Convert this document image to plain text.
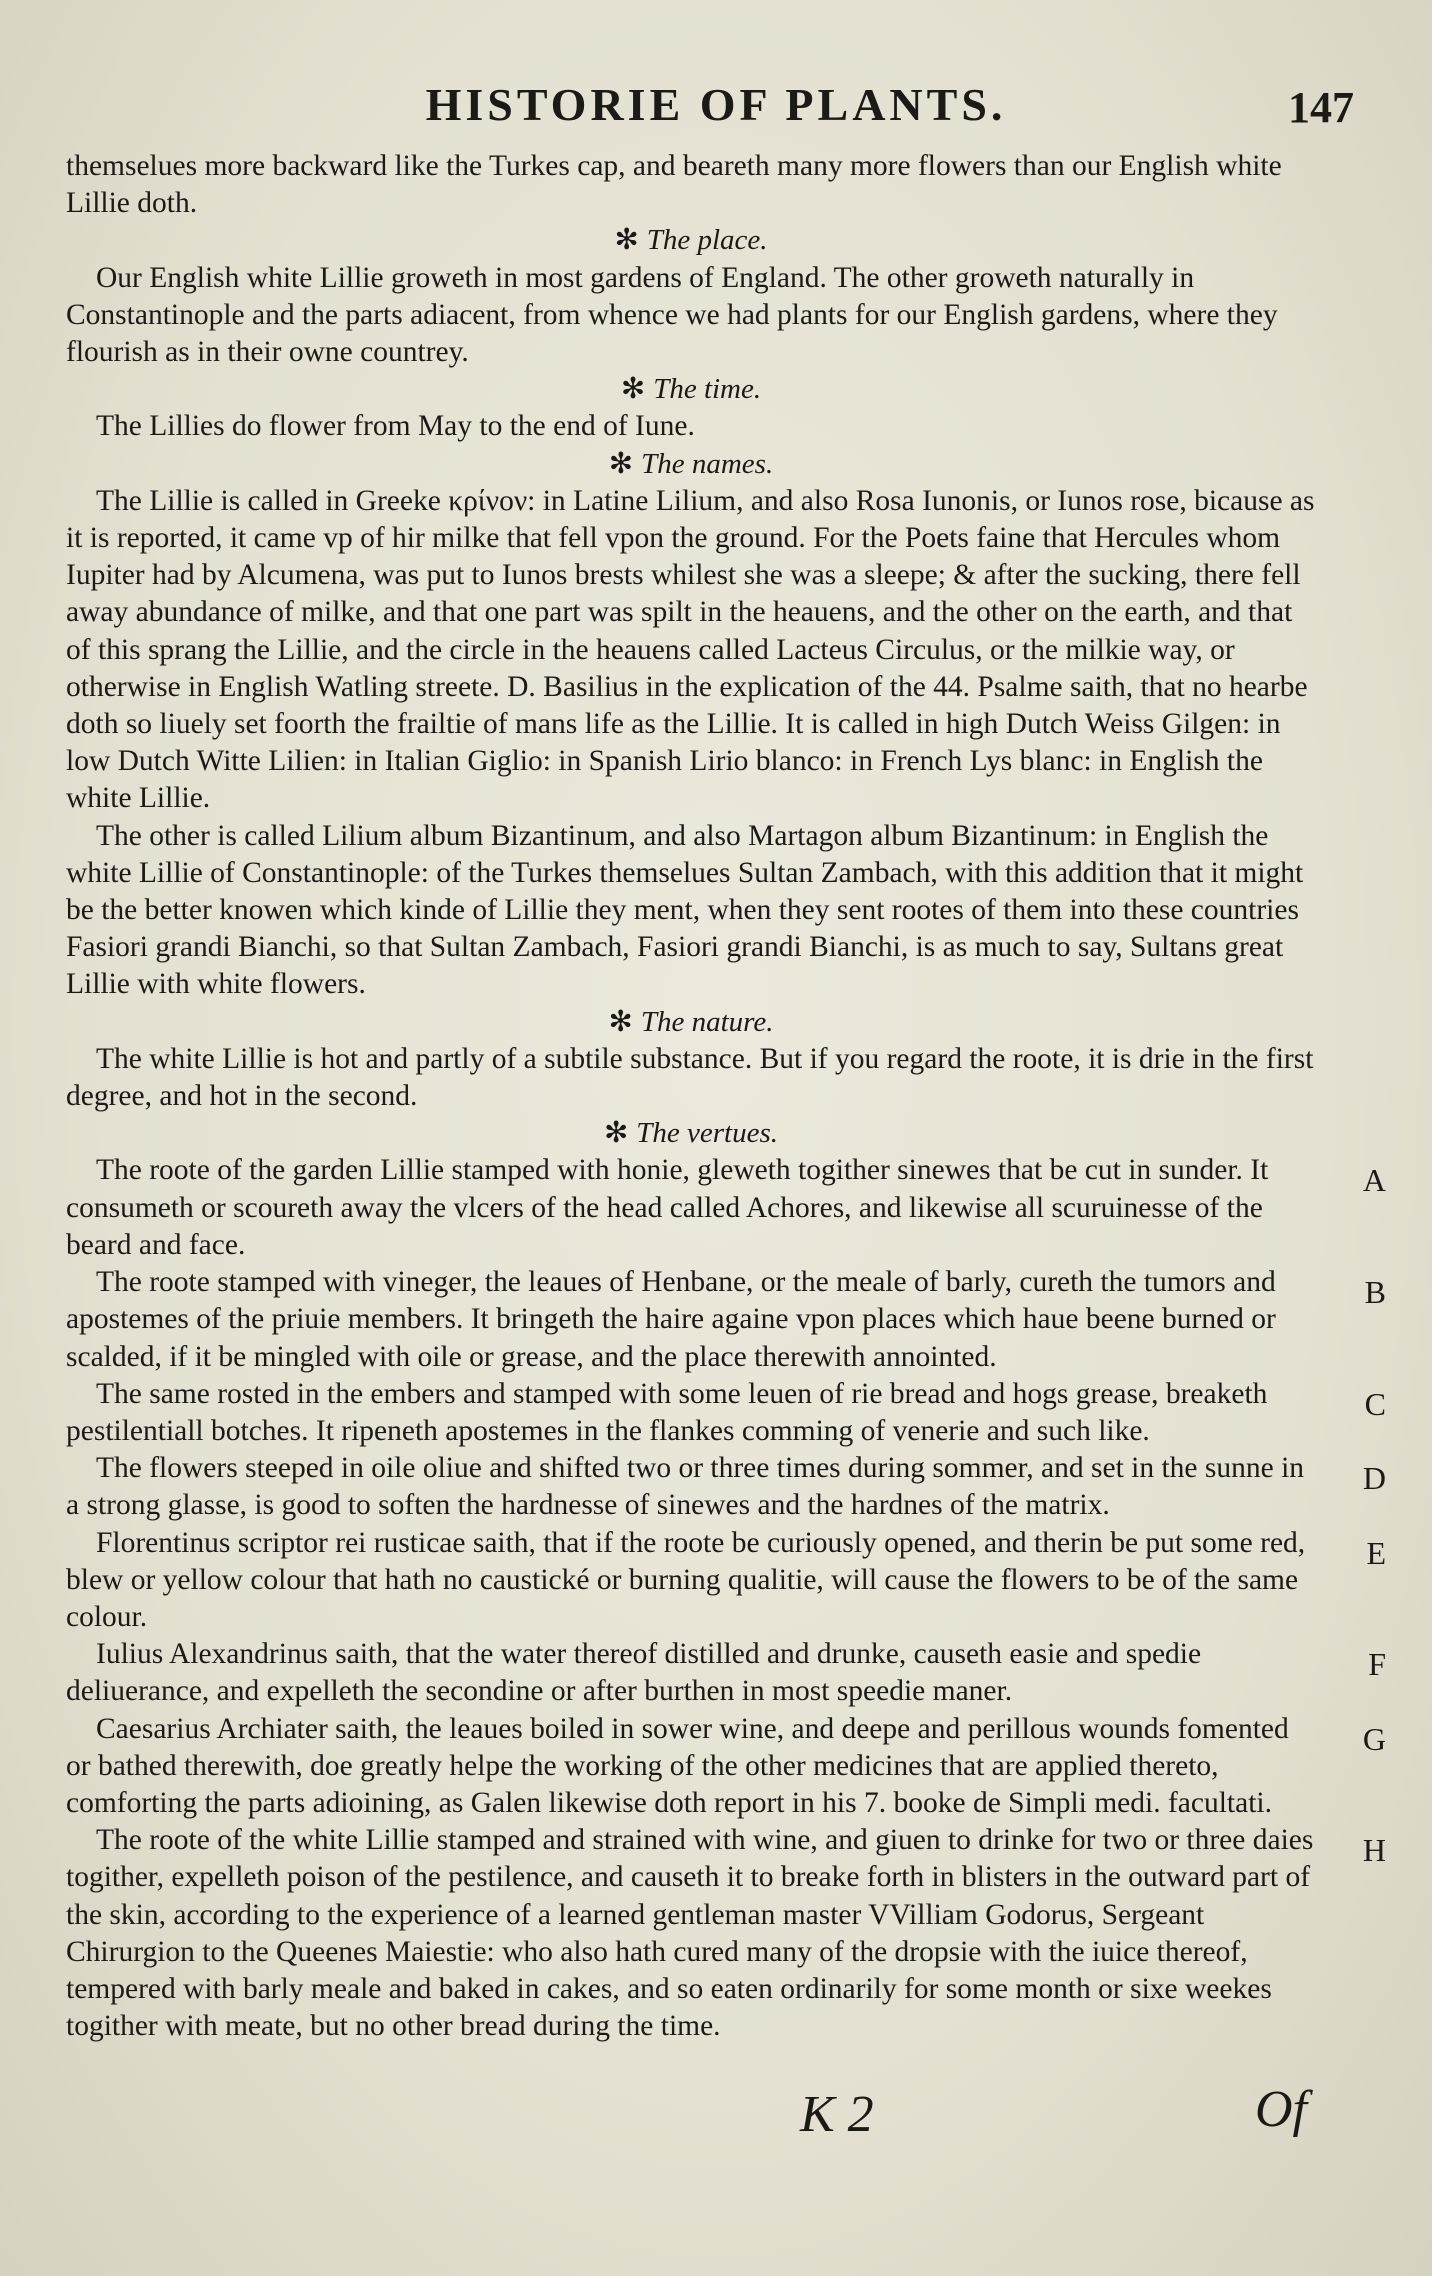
HISTORIE OF PLANTS.	147

themselues more backward like the Turkes cap, and beareth many more flowers than our English white Lillie doth.

✻ The place.

Our English white Lillie groweth in most gardens of England. The other groweth naturally in Constantinople and the parts adiacent, from whence we had plants for our English gardens, where they flourish as in their owne countrey.

✻ The time.

The Lillies do flower from May to the end of Iune.

✻ The names.

The Lillie is called in Greeke κρίνον: in Latine Lilium, and also Rosa Iunonis, or Iunos rose, bicause as it is reported, it came vp of hir milke that fell vpon the ground. For the Poets faine that Hercules whom Iupiter had by Alcumena, was put to Iunos brests whilest she was a sleepe; & after the sucking, there fell away abundance of milke, and that one part was spilt in the heauens, and the other on the earth, and that of this sprang the Lillie, and the circle in the heauens called Lacteus Circulus, or the milkie way, or otherwise in English Watling streete. D. Basilius in the explication of the 44. Psalme saith, that no hearbe doth so liuely set foorth the frailtie of mans life as the Lillie. It is called in high Dutch Weiss Gilgen: in low Dutch Witte Lilien: in Italian Giglio: in Spanish Lirio blanco: in French Lys blanc: in English the white Lillie.

The other is called Lilium album Bizantinum, and also Martagon album Bizantinum: in English the white Lillie of Constantinople: of the Turkes themselues Sultan Zambach, with this addition that it might be the better knowen which kinde of Lillie they ment, when they sent rootes of them into these countries Fasiori grandi Bianchi, so that Sultan Zambach, Fasiori grandi Bianchi, is as much to say, Sultans great Lillie with white flowers.

✻ The nature.

The white Lillie is hot and partly of a subtile substance. But if you regard the roote, it is drie in the first degree, and hot in the second.

✻ The vertues.

The roote of the garden Lillie stamped with honie, gleweth togither sinewes that be cut in sunder. It consumeth or scoureth away the vlcers of the head called Achores, and likewise all scuruinesse of the beard and face.
A

The roote stamped with vineger, the leaues of Henbane, or the meale of barly, cureth the tumors and apostemes of the priuie members. It bringeth the haire againe vpon places which haue beene burned or scalded, if it be mingled with oile or grease, and the place therewith annointed.
B

The same rosted in the embers and stamped with some leuen of rie bread and hogs grease, breaketh pestilentiall botches. It ripeneth apostemes in the flankes comming of venerie and such like.
C

The flowers steeped in oile oliue and shifted two or three times during sommer, and set in the sunne in a strong glasse, is good to soften the hardnesse of sinewes and the hardnes of the matrix.
D

Florentinus scriptor rei rusticae saith, that if the roote be curiously opened, and therin be put some red, blew or yellow colour that hath no caustické or burning qualitie, will cause the flowers to be of the same colour.
E

Iulius Alexandrinus saith, that the water thereof distilled and drunke, causeth easie and spedie deliuerance, and expelleth the secondine or after burthen in most speedie maner.
F

Caesarius Archiater saith, the leaues boiled in sower wine, and deepe and perillous wounds fomented or bathed therewith, doe greatly helpe the working of the other medicines that are applied thereto, comforting the parts adioining, as Galen likewise doth report in his 7. booke de Simpli medi. facultati.
G

The roote of the white Lillie stamped and strained with wine, and giuen to drinke for two or three daies togither, expelleth poison of the pestilence, and causeth it to breake forth in blisters in the outward part of the skin, according to the experience of a learned gentleman master VVilliam Godorus, Sergeant Chirurgion to the Queenes Maiestie: who also hath cured many of the dropsie with the iuice thereof, tempered with barly meale and baked in cakes, and so eaten ordinarily for some month or sixe weekes togither with meate, but no other bread during the time.
H

K 2	Of
